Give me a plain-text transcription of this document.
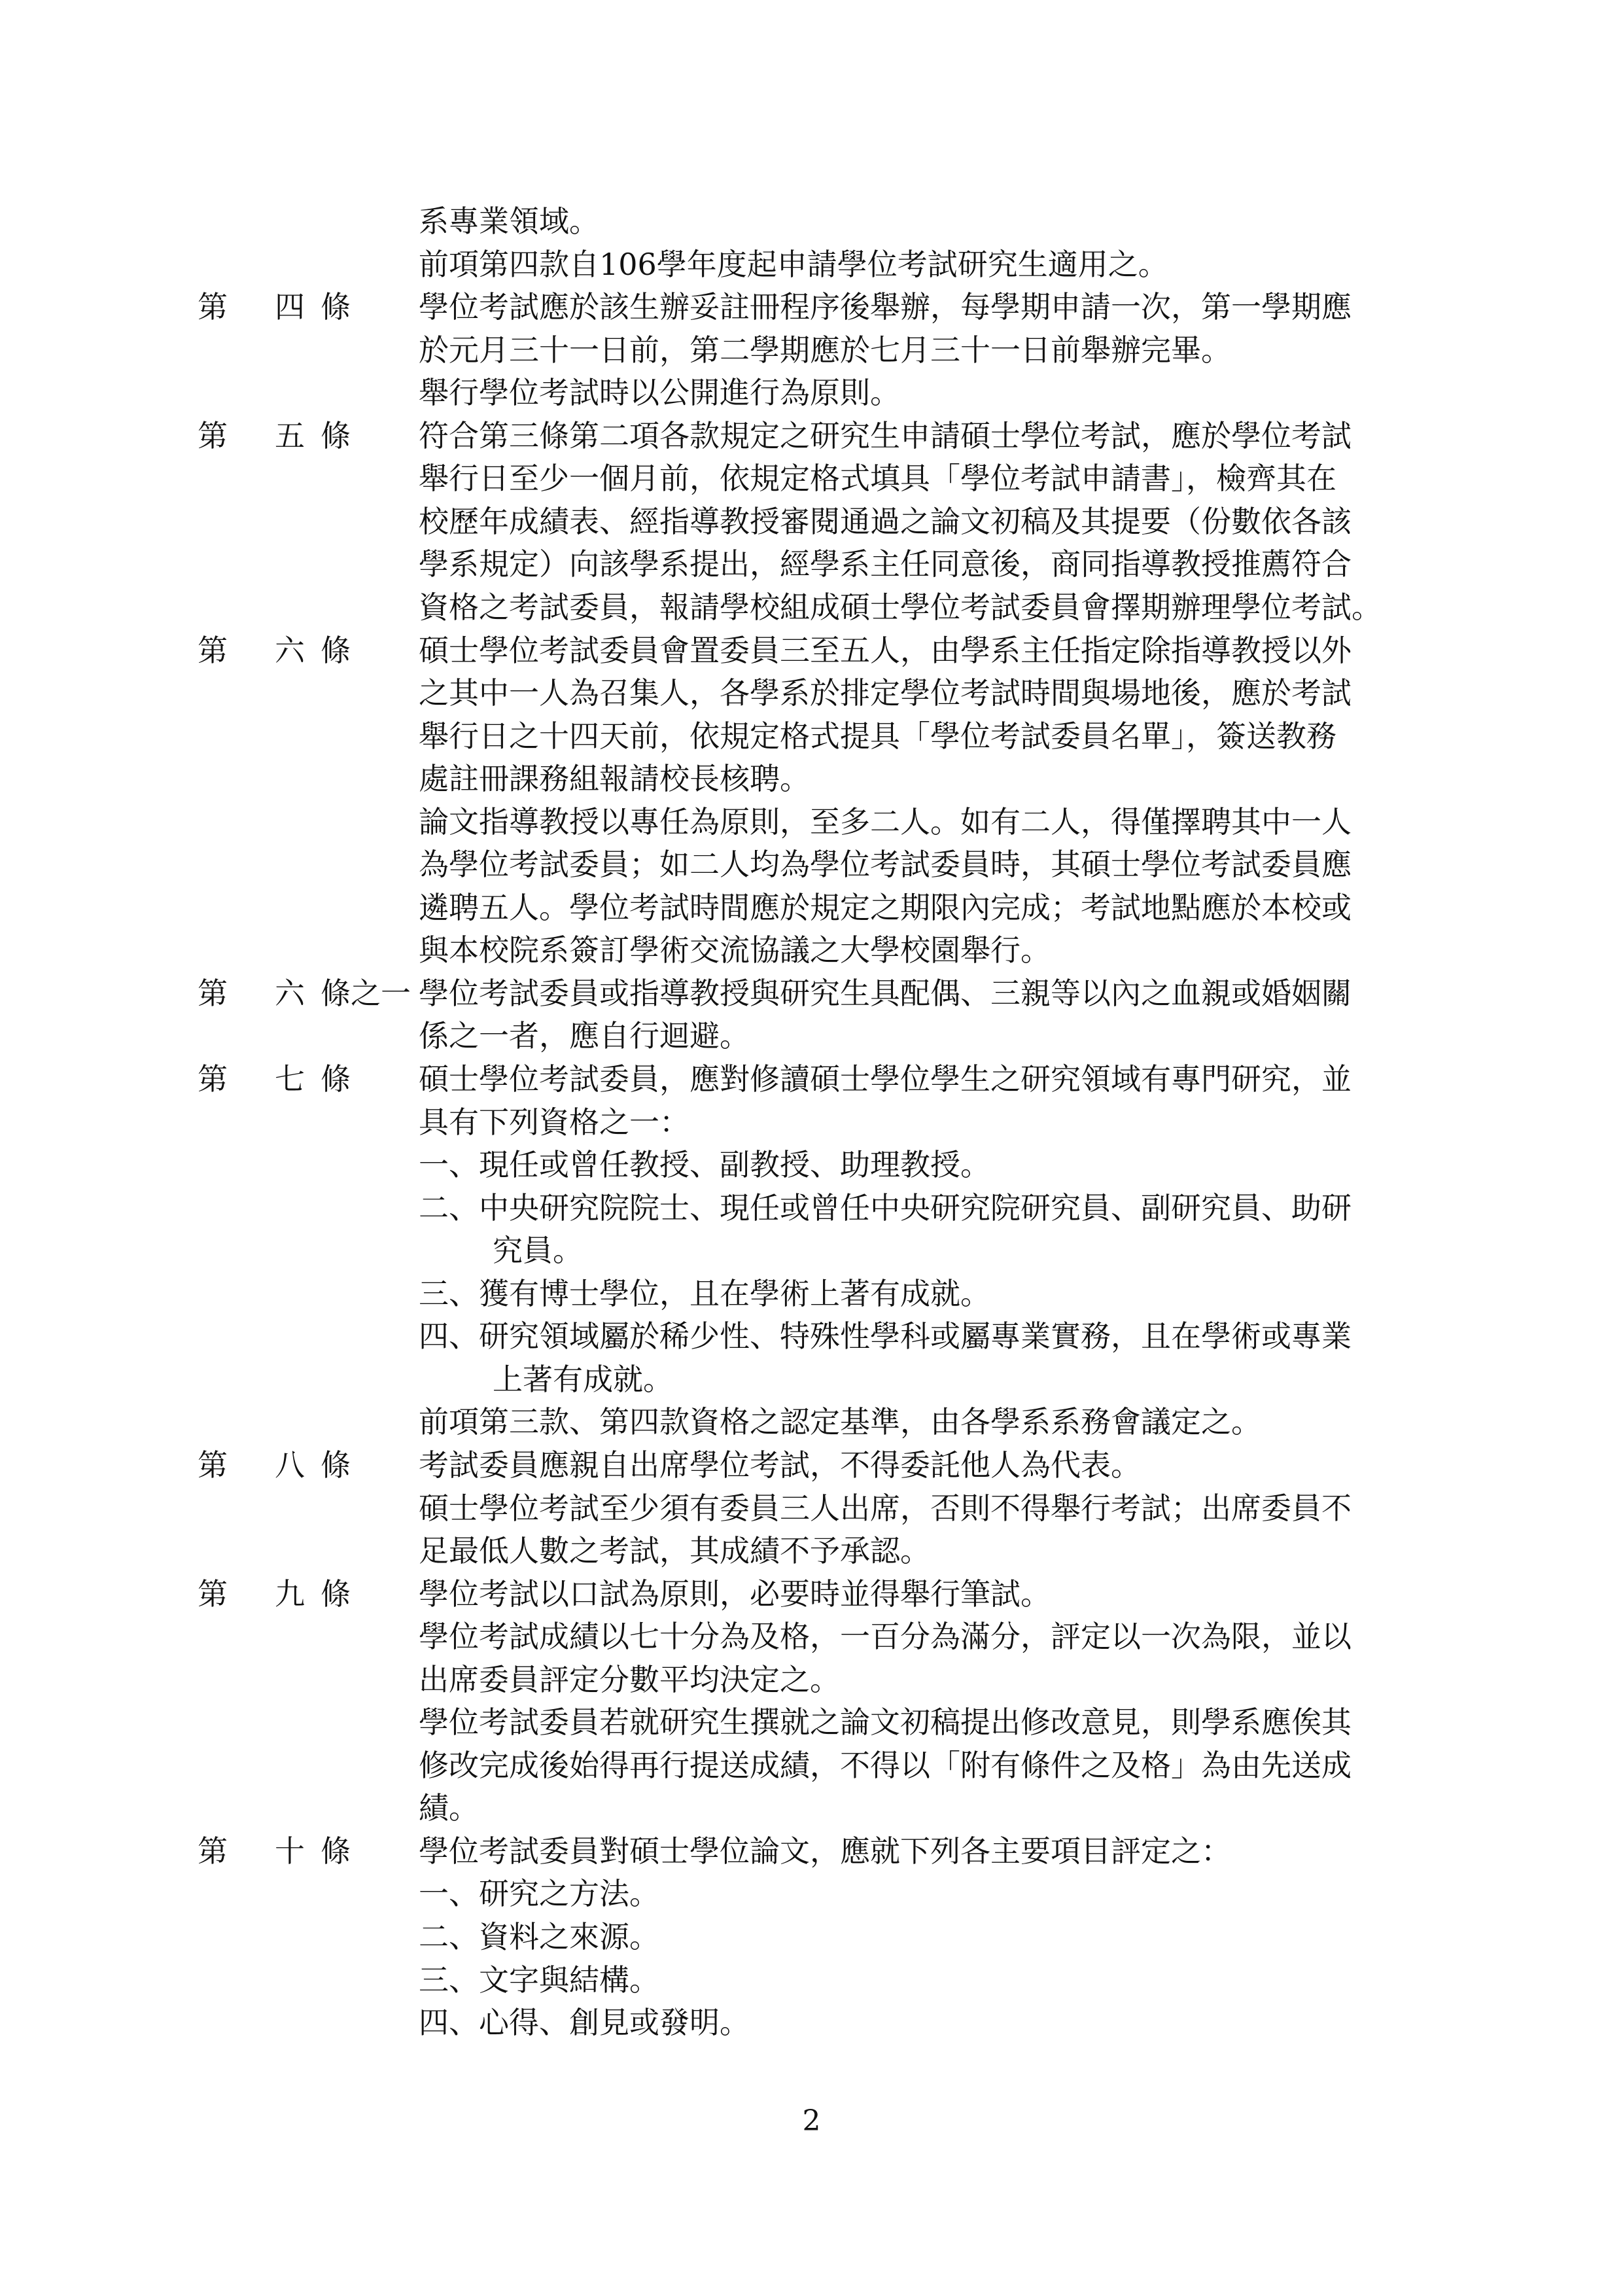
系專業領域。
前項第四款自106學年度起申請學位考試研究生適用之。
第 四 條 學位考試應於該生辦妥註冊程序後舉辦，每學期申請一次，第一學期應
於元月三十一日前，第二學期應於七月三十一日前舉辦完畢。
舉行學位考試時以公開進行為原則。
第 五 條 符合第三條第二項各款規定之研究生申請碩士學位考試，應於學位考試
舉行日至少一個月前，依規定格式填具「學位考試申請書」，檢齊其在
校歷年成績表、經指導教授審閱通過之論文初稿及其提要（份數依各該
學系規定）向該學系提出，經學系主任同意後，商同指導教授推薦符合
資格之考試委員，報請學校組成碩士學位考試委員會擇期辦理學位考試。
第 六 條 碩士學位考試委員會置委員三至五人，由學系主任指定除指導教授以外
之其中一人為召集人，各學系於排定學位考試時間與場地後，應於考試
舉行日之十四天前，依規定格式提具「學位考試委員名單」，簽送教務
處註冊課務組報請校長核聘。
論文指導教授以專任為原則，至多二人。如有二人，得僅擇聘其中一人
為學位考試委員；如二人均為學位考試委員時，其碩士學位考試委員應
遴聘五人。學位考試時間應於規定之期限內完成；考試地點應於本校或
與本校院系簽訂學術交流協議之大學校園舉行。
第 六 條之一 學位考試委員或指導教授與研究生具配偶、三親等以內之血親或婚姻關
係之一者，應自行迴避。
第 七 條 碩士學位考試委員，應對修讀碩士學位學生之研究領域有專門研究，並
具有下列資格之一：
一、現任或曾任教授、副教授、助理教授。
二、中央研究院院士、現任或曾任中央研究院研究員、副研究員、助研
究員。
三、獲有博士學位，且在學術上著有成就。
四、研究領域屬於稀少性、特殊性學科或屬專業實務，且在學術或專業
上著有成就。
前項第三款、第四款資格之認定基準，由各學系系務會議定之。
第 八 條 考試委員應親自出席學位考試，不得委託他人為代表。
碩士學位考試至少須有委員三人出席，否則不得舉行考試；出席委員不
足最低人數之考試，其成績不予承認。
第 九 條 學位考試以口試為原則，必要時並得舉行筆試。
學位考試成績以七十分為及格，一百分為滿分，評定以一次為限，並以
出席委員評定分數平均決定之。
學位考試委員若就研究生撰就之論文初稿提出修改意見，則學系應俟其
修改完成後始得再行提送成績，不得以「附有條件之及格」為由先送成
績。
第 十 條 學位考試委員對碩士學位論文，應就下列各主要項目評定之：
一、研究之方法。
二、資料之來源。
三、文字與結構。
四、心得、創見或發明。
2
